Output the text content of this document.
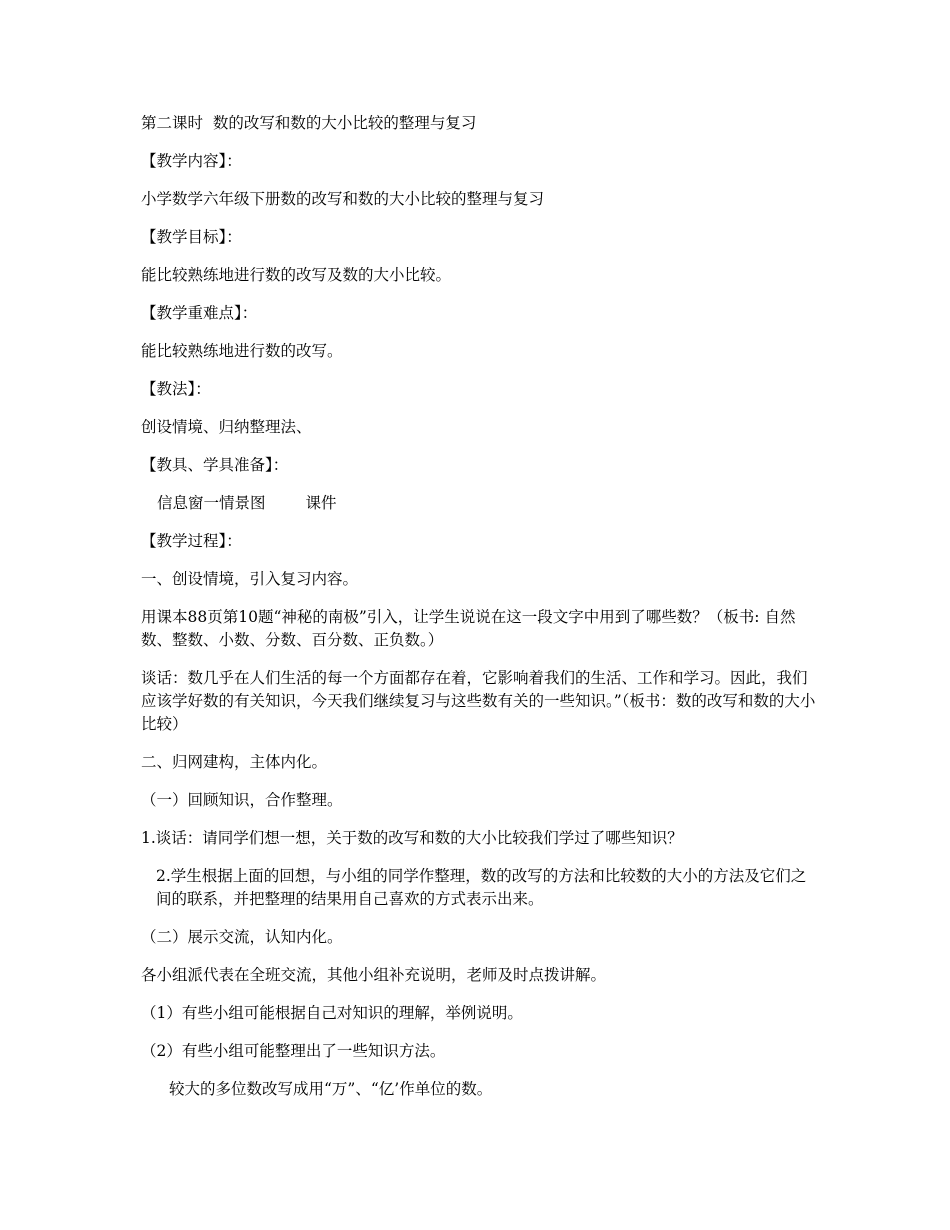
第二课时  数的改写和数的大小比较的整理与复习

【教学内容】：

小学数学六年级下册数的改写和数的大小比较的整理与复习

【教学目标】：

能比较熟练地进行数的改写及数的大小比较。

【教学重难点】：

能比较熟练地进行数的改写。

【教法】：

创设情境、归纳整理法、

【教具、学具准备】：

信息窗一情景图	课件

【教学过程】：

一、创设情境，引入复习内容。

用课本88页第10题“神秘的南极”引入，让学生说说在这一段文字中用到了哪些数？（板书: 自然数、整数、小数、分数、百分数、正负数。）

谈话：数几乎在人们生活的每一个方面都存在着，它影响着我们的生活、工作和学习。因此，我们应该学好数的有关知识，今天我们继续复习与这些数有关的一些知识。”（板书：数的改写和数的大小比较）

二、归网建构，主体内化。

（一）回顾知识，合作整理。

1.谈话：请同学们想一想，关于数的改写和数的大小比较我们学过了哪些知识？

2.学生根据上面的回想，与小组的同学作整理，数的改写的方法和比较数的大小的方法及它们之间的联系，并把整理的结果用自己喜欢的方式表示出来。

（二）展示交流，认知内化。

各小组派代表在全班交流，其他小组补充说明，老师及时点拨讲解。

（1）有些小组可能根据自己对知识的理解，举例说明。

（2）有些小组可能整理出了一些知识方法。

较大的多位数改写成用“万”、“亿’作单位的数。
